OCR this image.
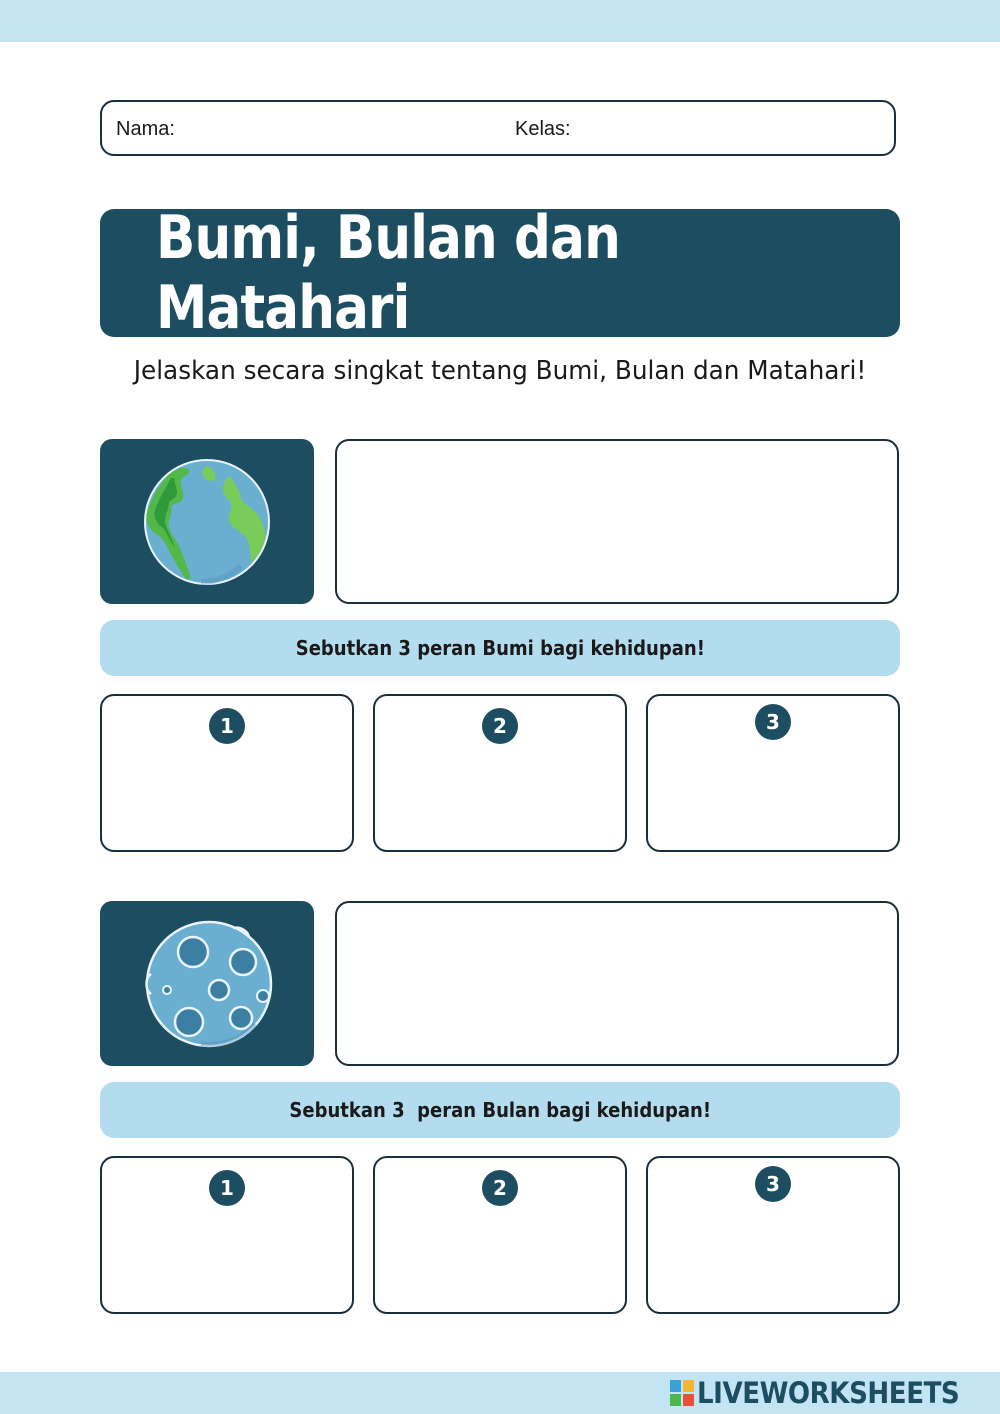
Nama:	Kelas:
Bumi, Bulan dan Matahari
Jelaskan secara singkat tentang Bumi, Bulan dan Matahari!
Sebutkan 3 peran Bumi bagi kehidupan!
1	2	3
Sebutkan 3  peran Bulan bagi kehidupan!
1	2	3
LIVEWORKSHEETS
